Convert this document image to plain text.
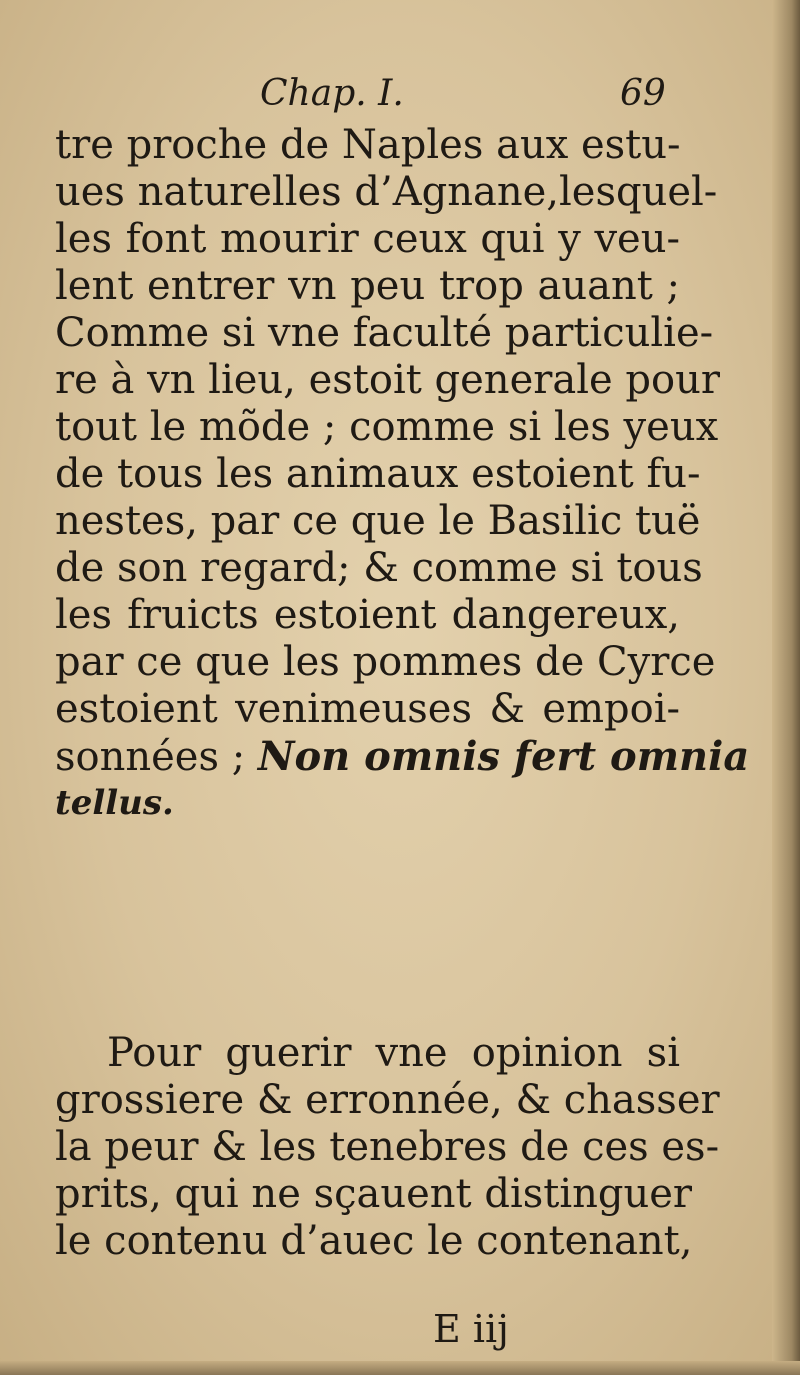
Chap. I.	69
tre proche de Naples aux estu-
ues naturelles d’Agnane,lesquel-
les font mourir ceux qui y veu-
lent entrer vn peu trop auant ;
Comme si vne faculté particulie-
re à vn lieu, estoit generale pour
tout le mõde ; comme si les yeux
de tous les animaux estoient fu-
nestes, par ce que le Basilic tuë
de son regard; & comme si tous
les fruicts estoient dangereux,
par ce que les pommes de Cyrce
estoient venimeuses & empoi-
sonnées ; Non omnis fert omnia
tellus.
Pour guerir vne opinion si
grossiere & erronnée, & chasser
la peur & les tenebres de ces es-
prits, qui ne sçauent distinguer
le contenu d’auec le contenant,
E iij
